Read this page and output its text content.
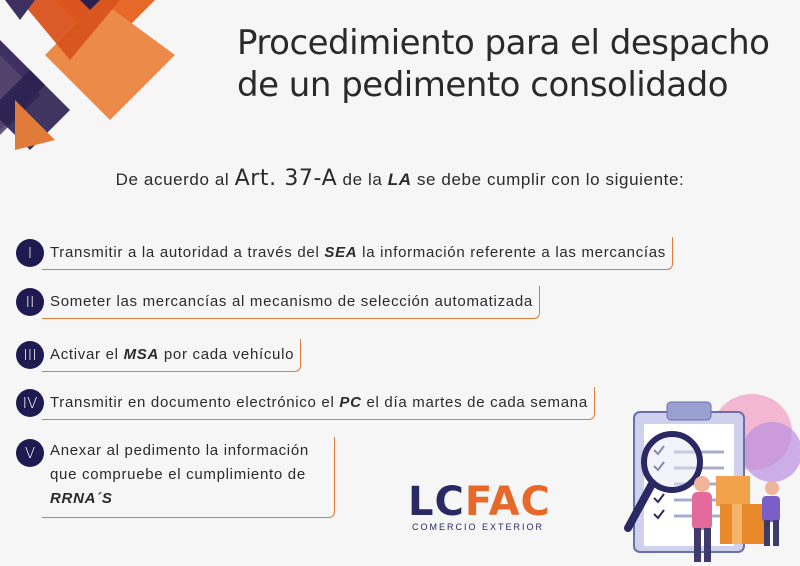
Procedimiento para el despacho de un pedimento consolidado
De acuerdo al Art. 37-A de la LA se debe cumplir con lo siguiente:
I	Transmitir a la autoridad a través del SEA la información referente a las mercancías
II	Someter las mercancías al mecanismo de selección automatizada
III Activar el MSA por cada vehículo
IV Transmitir en documento electrónico el PC el día martes de cada semana
V Anexar al pedimento la información
que compruebe el cumplimiento de
RRNA´S	LCFAC
COMERCIO EXTERIOR
